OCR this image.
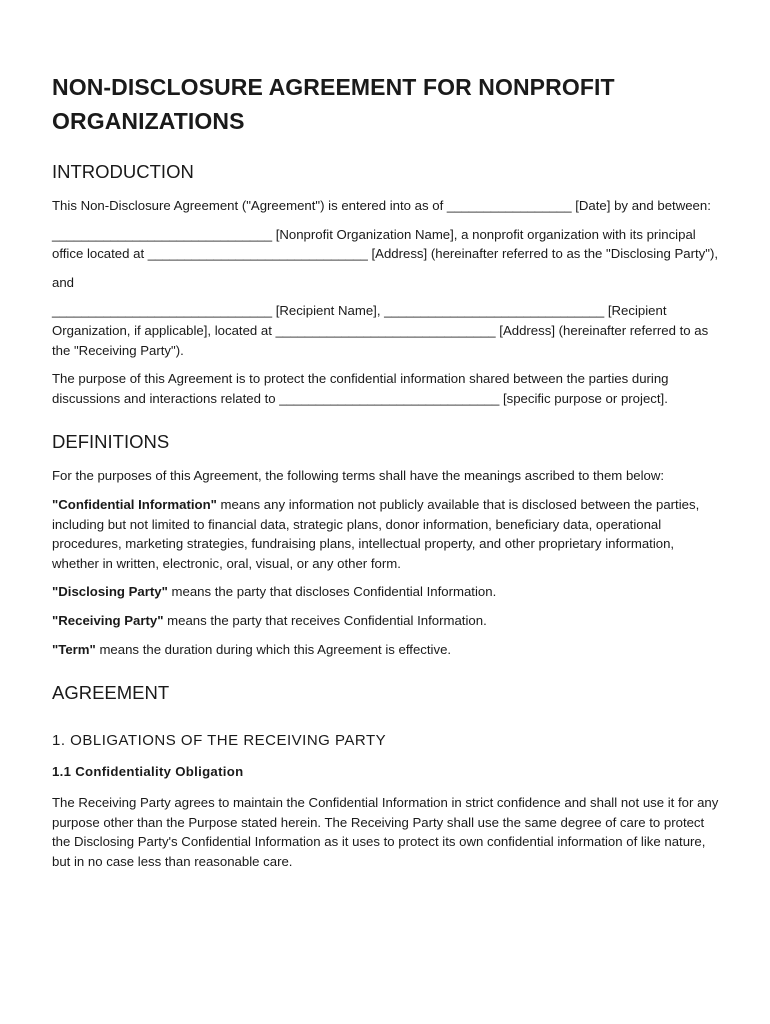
NON-DISCLOSURE AGREEMENT FOR NONPROFIT ORGANIZATIONS
INTRODUCTION

This Non-Disclosure Agreement ("Agreement") is entered into as of _________________ [Date] by and between:

______________________________ [Nonprofit Organization Name], a nonprofit organization with its principal office located at ______________________________ [Address] (hereinafter referred to as the "Disclosing Party"),

and

______________________________ [Recipient Name], ______________________________ [Recipient Organization, if applicable], located at ______________________________ [Address] (hereinafter referred to as the "Receiving Party").

The purpose of this Agreement is to protect the confidential information shared between the parties during discussions and interactions related to ______________________________ [specific purpose or project].

DEFINITIONS

For the purposes of this Agreement, the following terms shall have the meanings ascribed to them below:

"Confidential Information" means any information not publicly available that is disclosed between the parties, including but not limited to financial data, strategic plans, donor information, beneficiary data, operational procedures, marketing strategies, fundraising plans, intellectual property, and other proprietary information, whether in written, electronic, oral, visual, or any other form.

"Disclosing Party" means the party that discloses Confidential Information.

"Receiving Party" means the party that receives Confidential Information.

"Term" means the duration during which this Agreement is effective.

AGREEMENT
1. OBLIGATIONS OF THE RECEIVING PARTY
1.1 Confidentiality Obligation

The Receiving Party agrees to maintain the Confidential Information in strict confidence and shall not use it for any purpose other than the Purpose stated herein. The Receiving Party shall use the same degree of care to protect the Disclosing Party's Confidential Information as it uses to protect its own confidential information of like nature, but in no case less than reasonable care.
